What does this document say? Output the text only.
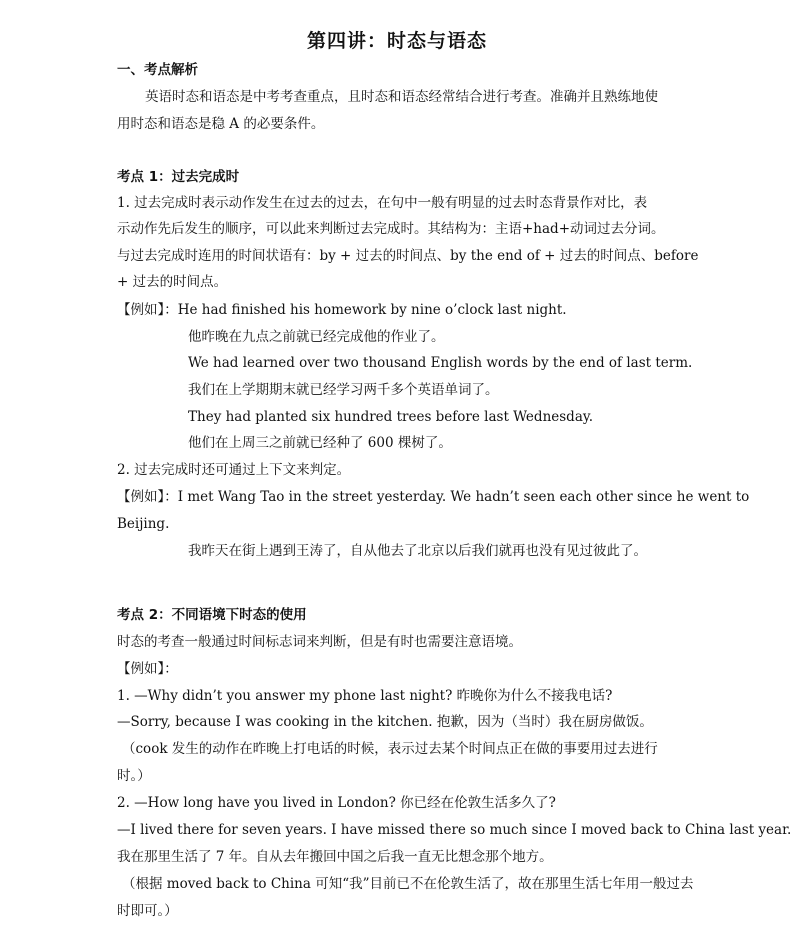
第四讲：时态与语态
一、考点解析
英语时态和语态是中考考查重点，且时态和语态经常结合进行考查。准确并且熟练地使
用时态和语态是稳 A 的必要条件。
考点 1：过去完成时
1. 过去完成时表示动作发生在过去的过去，在句中一般有明显的过去时态背景作对比，表
示动作先后发生的顺序，可以此来判断过去完成时。其结构为：主语+had+动词过去分词。
与过去完成时连用的时间状语有：by + 过去的时间点、by the end of + 过去的时间点、before
+ 过去的时间点。
【例如】：He had finished his homework by nine o’clock last night.
他昨晚在九点之前就已经完成他的作业了。
We had learned over two thousand English words by the end of last term.
我们在上学期期末就已经学习两千多个英语单词了。
They had planted six hundred trees before last Wednesday.
他们在上周三之前就已经种了 600 棵树了。
2. 过去完成时还可通过上下文来判定。
【例如】：I met Wang Tao in the street yesterday. We hadn’t seen each other since he went to
Beijing.
我昨天在街上遇到王涛了，自从他去了北京以后我们就再也没有见过彼此了。
考点 2：不同语境下时态的使用
时态的考查一般通过时间标志词来判断，但是有时也需要注意语境。
【例如】：
1. —Why didn’t you answer my phone last night? 昨晚你为什么不接我电话?
—Sorry, because I was cooking in the kitchen. 抱歉，因为（当时）我在厨房做饭。
（cook 发生的动作在昨晚上打电话的时候，表示过去某个时间点正在做的事要用过去进行
时。）
2. —How long have you lived in London? 你已经在伦敦生活多久了?
—I lived there for seven years. I have missed there so much since I moved back to China last year.
我在那里生活了 7 年。自从去年搬回中国之后我一直无比想念那个地方。
（根据 moved back to China 可知“我”目前已不在伦敦生活了，故在那里生活七年用一般过去
时即可。）
